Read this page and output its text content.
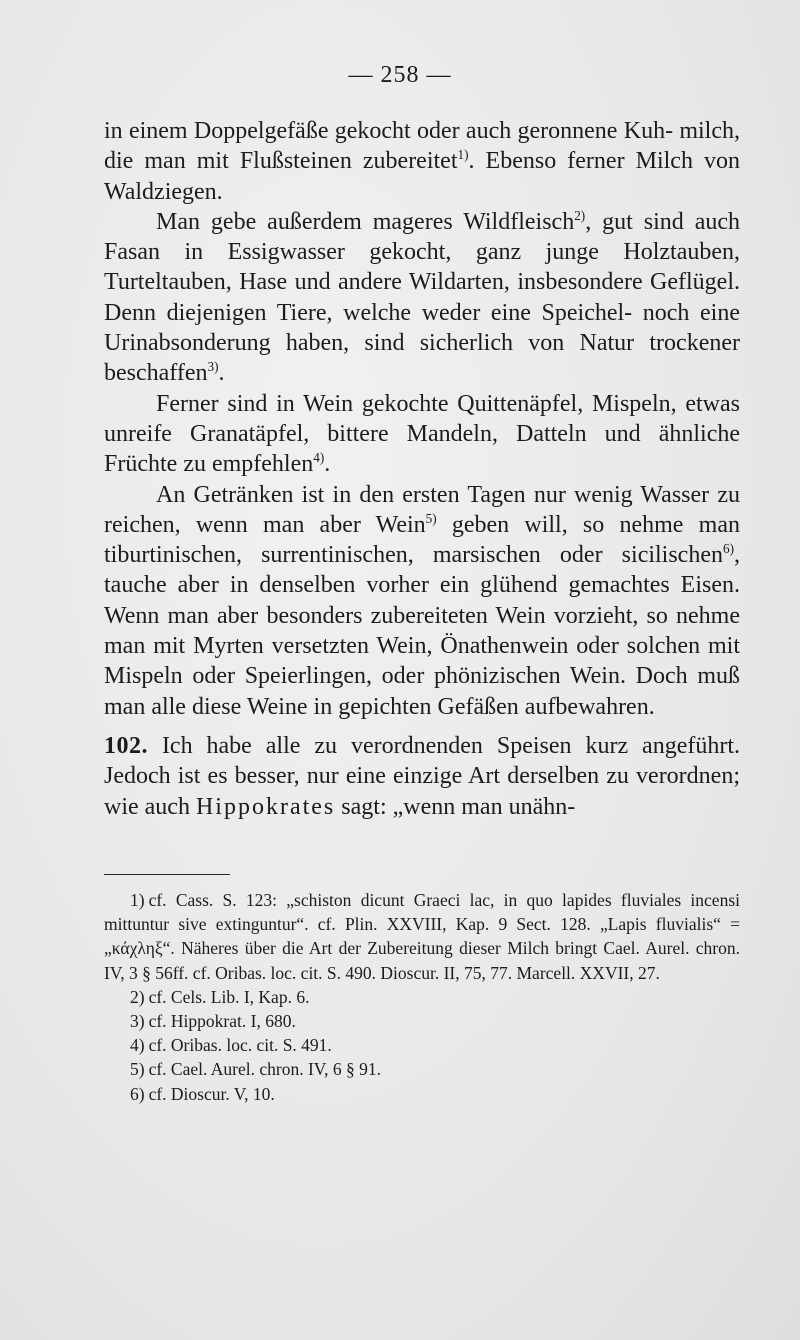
— 258 —

in einem Doppelgefäße gekocht oder auch geronnene Kuh- milch, die man mit Flußsteinen zubereitet$^{1)}$. Ebenso ferner Milch von Waldziegen.

Man gebe außerdem mageres Wildfleisch$^{2)}$, gut sind auch Fasan in Essigwasser gekocht, ganz junge Holztauben, Turteltauben, Hase und andere Wildarten, insbesondere Geflügel. Denn diejenigen Tiere, welche weder eine Speichel- noch eine Urinabsonderung haben, sind sicherlich von Natur trockener beschaffen$^{3)}$.

Ferner sind in Wein gekochte Quittenäpfel, Mispeln, etwas unreife Granatäpfel, bittere Mandeln, Datteln und ähnliche Früchte zu empfehlen$^{4)}$.

An Getränken ist in den ersten Tagen nur wenig Wasser zu reichen, wenn man aber Wein$^{5)}$ geben will, so nehme man tiburtinischen, surrentinischen, marsischen oder sicilischen$^{6)}$, tauche aber in denselben vorher ein glühend gemachtes Eisen. Wenn man aber besonders zubereiteten Wein vorzieht, so nehme man mit Myrten versetzten Wein, Önathenwein oder solchen mit Mispeln oder Speierlingen, oder phönizischen Wein. Doch muß man alle diese Weine in gepichten Gefäßen aufbewahren.

102. Ich habe alle zu verordnenden Speisen kurz angeführt. Jedoch ist es besser, nur eine einzige Art derselben zu verordnen; wie auch Hippokrates sagt: „wenn man unähn-

1) cf. Cass. S. 123: „schiston dicunt Graeci lac, in quo lapides fluviales incensi mittuntur sive extinguntur“. cf. Plin. XXVIII, Kap. 9 Sect. 128. „Lapis fluvialis“ = „κάχληξ“. Näheres über die Art der Zubereitung dieser Milch bringt Cael. Aurel. chron. IV, 3 § 56ff. cf. Oribas. loc. cit. S. 490. Dioscur. II, 75, 77. Marcell. XXVII, 27.

2) cf. Cels. Lib. I, Kap. 6.

3) cf. Hippokrat. I, 680.

4) cf. Oribas. loc. cit. S. 491.

5) cf. Cael. Aurel. chron. IV, 6 § 91.

6) cf. Dioscur. V, 10.
